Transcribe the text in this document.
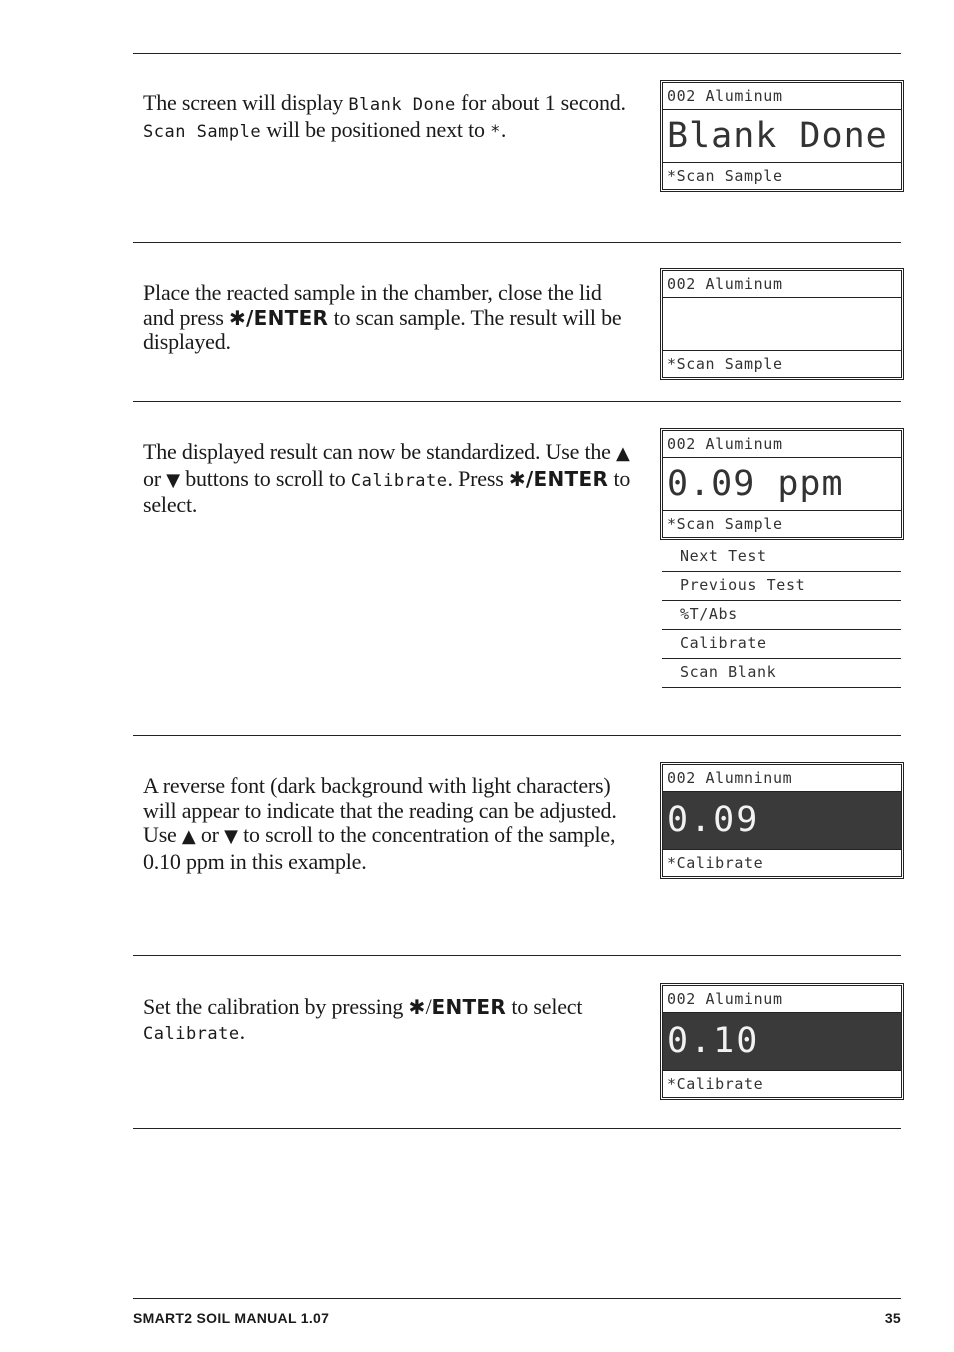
The screen will display Blank Done for about 1 second. Scan Sample will be positioned next to *.
002 Aluminum
Blank Done
*Scan Sample
Place the reacted sample in the chamber, close the lid and press ✱/ENTER to scan sample. The result will be displayed.
002 Aluminum
*Scan Sample
The displayed result can now be standardized. Use the ▲ or ▼ buttons to scroll to Calibrate. Press ✱/ENTER to select.
002 Aluminum
0.09 ppm
*Scan Sample
Next Test
Previous Test
%T/Abs
Calibrate
Scan Blank
A reverse font (dark background with light characters) will appear to indicate that the reading can be adjusted. Use ▲ or ▼ to scroll to the concentration of the sample, 0.10 ppm in this example.
002 Alumninum
0.09
*Calibrate
Set the calibration by pressing ✱/ENTER to select Calibrate.
002 Aluminum
0.10
*Calibrate
SMART2 SOIL MANUAL 1.07	35
